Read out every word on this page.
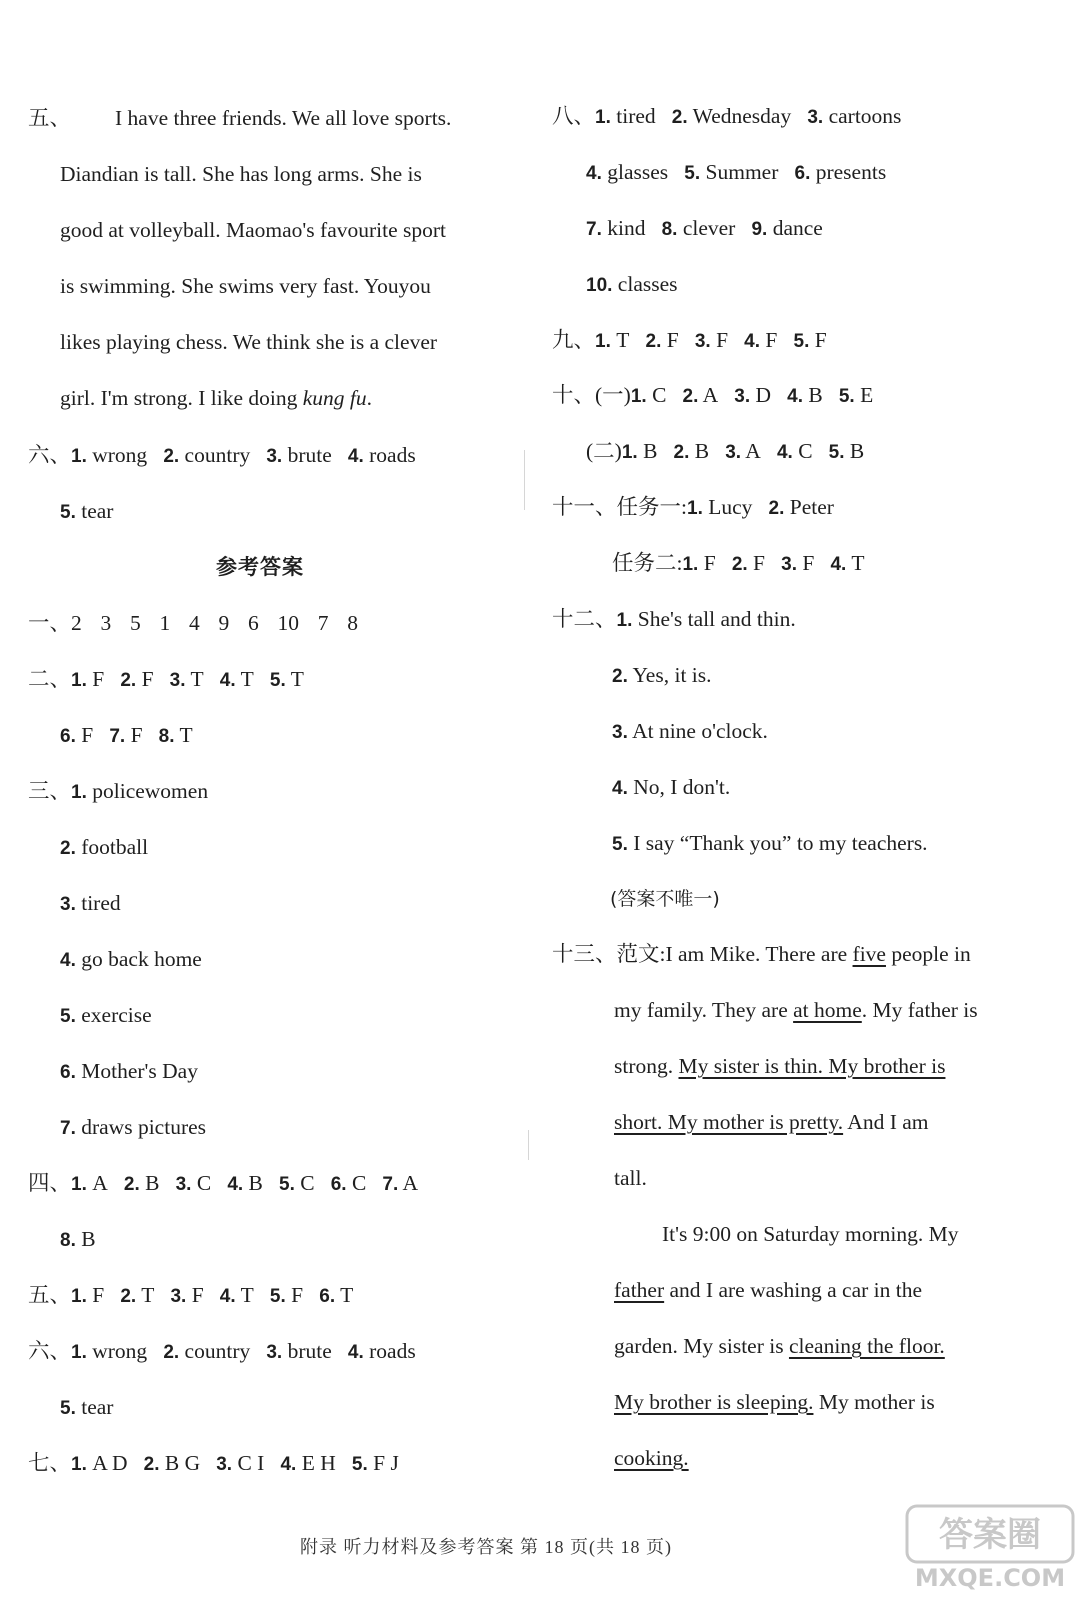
五、 I have three friends. We all love sports.
Diandian is tall. She has long arms. She is
good at volleyball. Maomao's favourite sport
is swimming. She swims very fast. Youyou
likes playing chess. We think she is a clever
girl. I'm strong. I like doing kung fu.
六、1. wrong 2. country 3. brute 4. roads
5. tear
参考答案
一、2  3  5  1  4  9  6  10  7  8
二、1. F 2. F 3. T 4. T 5. T
6. F 7. F 8. T
三、1. policewomen
2. football
3. tired
4. go back home
5. exercise
6. Mother's Day
7. draws pictures
四、1. A 2. B 3. C 4. B 5. C 6. C 7. A
8. B
五、1. F 2. T 3. F 4. T 5. F 6. T
六、1. wrong 2. country 3. brute 4. roads
5. tear
七、1. A D 2. B G 3. C I 4. E H 5. F J
八、1. tired 2. Wednesday 3. cartoons
4. glasses 5. Summer 6. presents
7. kind 8. clever 9. dance
10. classes
九、1. T 2. F 3. F 4. F 5. F
十、(一)1. C 2. A 3. D 4. B 5. E
(二)1. B 2. B 3. A 4. C 5. B
十一、任务一:1. Lucy 2. Peter
任务二:1. F 2. F 3. F 4. T
十二、1. She's tall and thin.
2. Yes, it is.
3. At nine o'clock.
4. No, I don't.
5. I say “Thank you” to my teachers.
(答案不唯一)
十三、范文:I am Mike. There are five people in
my family. They are at home. My father is
strong. My sister is thin. My brother is
short. My mother is pretty. And I am
tall.
It's 9:00 on Saturday morning. My
father and I are washing a car in the
garden. My sister is cleaning the floor.
My brother is sleeping. My mother is
cooking.
附录 听力材料及参考答案 第 18 页(共 18 页)	答案圈
MXQE.COM
